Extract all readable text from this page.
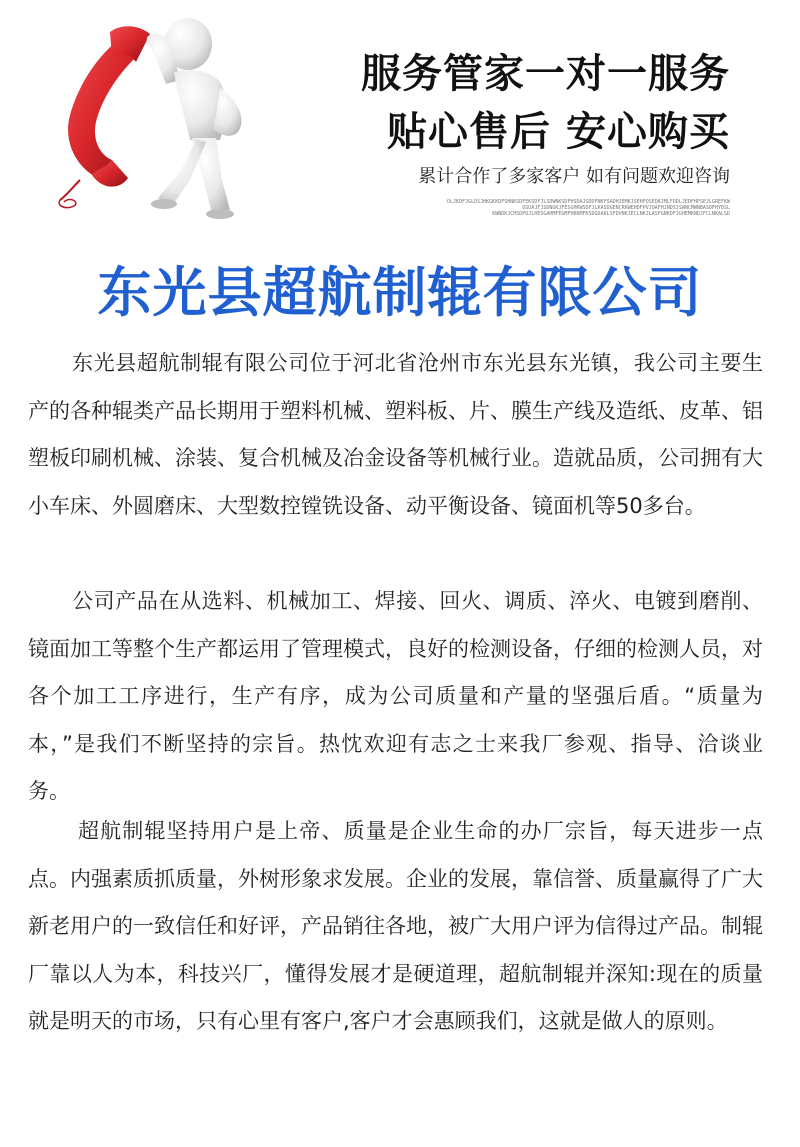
服务管家一对一服务
贴心售后 安心购买
累计合作了多家客户 如有问题欢迎咨询
OLJKDFJGLDSJHKGKKDFSHNKSDFEKSDFJLSDWNKSDFHSDAJSDDFNKFSADHJEMKJSEHFOSEDKJMLFODLJEDFHPSEJLGREFKW
OSUAJFJSDNGKJFESGHKWSDFJLKASDGENCRKWEHDFPVJOAFHJNDSJSWNCMWNBASDFHYDSL
KWNDKJCHSDPOJLHESGAHMFEGMFHRKMFKSDGDARLSFDVNKJECLNKJLASFGNKDFJGHEMKNDJFCLNKALSD
东光县超航制辊有限公司

东光县超航制辊有限公司位于河北省沧州市东光县东光镇，我公司主要生产的各种辊类产品长期用于塑料机械、塑料板、片、膜生产线及造纸、皮革、铝塑板印刷机械、涂装、复合机械及冶金设备等机械行业。造就品质，公司拥有大小车床、外圆磨床、大型数控镗铣设备、动平衡设备、镜面机等50多台。

公司产品在从选料、机械加工、焊接、回火、调质、淬火、电镀到磨削、镜面加工等整个生产都运用了管理模式，良好的检测设备，仔细的检测人员，对各个加工工序进行，生产有序，成为公司质量和产量的坚强后盾。“质量为本，”是我们不断坚持的宗旨。热忱欢迎有志之士来我厂参观、指导、洽谈业务。

超航制辊坚持用户是上帝、质量是企业生命的办厂宗旨，每天进步一点点。内强素质抓质量，外树形象求发展。企业的发展，靠信誉、质量赢得了广大新老用户的一致信任和好评，产品销往各地，被广大用户评为信得过产品。制辊厂靠以人为本，科技兴厂，懂得发展才是硬道理，超航制辊并深知:现在的质量就是明天的市场，只有心里有客户,客户才会惠顾我们，这就是做人的原则。
